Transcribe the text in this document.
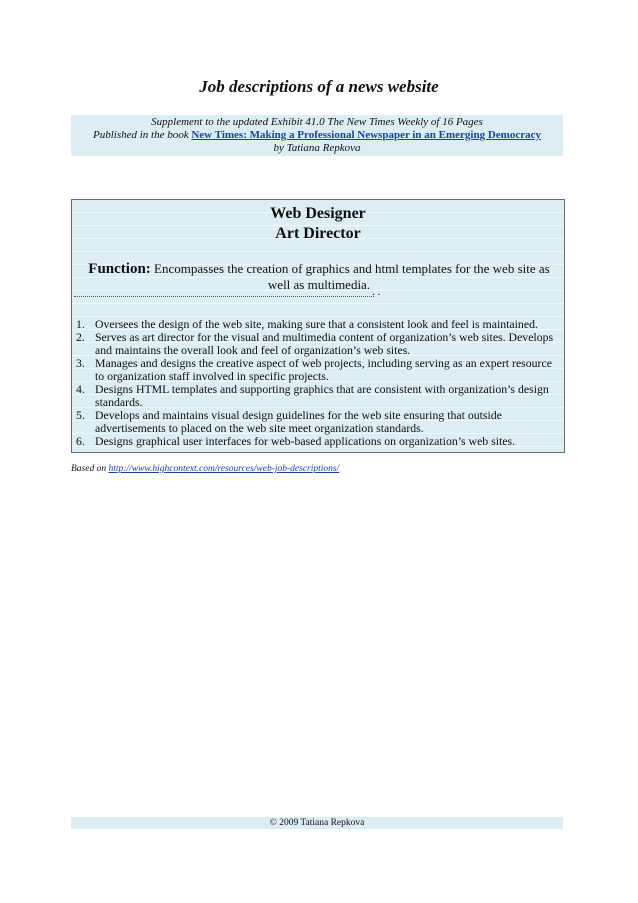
Job descriptions of a news website
Supplement to the updated Exhibit 41.0 The New Times Weekly of 16 Pages
Published in the book New Times: Making a Professional Newspaper in an Emerging Democracy
by Tatiana Repkova
Web Designer
Art Director
Function: Encompasses the creation of graphics and html templates for the web site as well as multimedia. . .
1. Oversees the design of the web site, making sure that a consistent look and feel is maintained.
2. Serves as art director for the visual and multimedia content of organization’s web sites. Develops and maintains the overall look and feel of organization’s web sites.
3. Manages and designs the creative aspect of web projects, including serving as an expert resource to organization staff involved in specific projects.
4. Designs HTML templates and supporting graphics that are consistent with organization’s design standards.
5. Develops and maintains visual design guidelines for the web site ensuring that outside advertisements to placed on the web site meet organization standards.
6. Designs graphical user interfaces for web-based applications on organization’s web sites.
Based on http://www.highcontext.com/resources/web-job-descriptions/
© 2009 Tatiana Repkova
